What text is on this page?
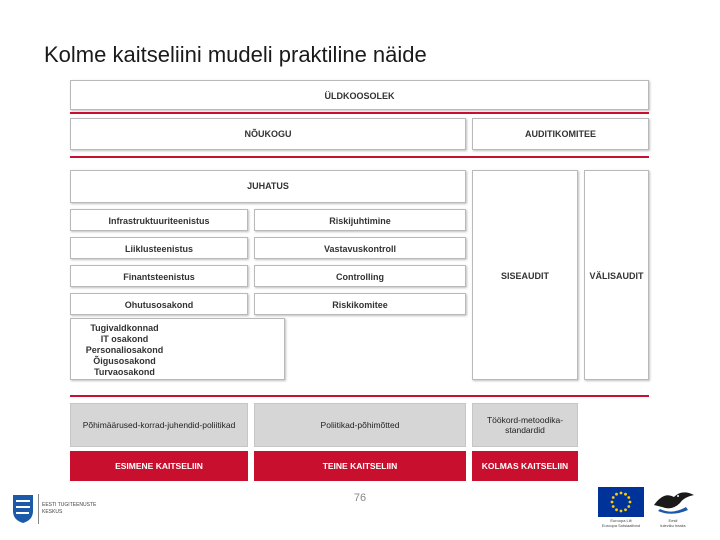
Kolme kaitseliini mudeli praktiline näide
ÜLDKOOSOLEK
NÕUKOGU	AUDITIKOMITEE
JUHATUS
Infrastruktuuriteenistus
Liiklusteenistus
Finantsteenistus
Ohutusosakond
Riskijuhtimine
Vastavuskontroll
Controlling
Riskikomitee
Tugivaldkonnad
IT osakond
Personaliosakond
Õigusosakond
Turvaosakond
SISEAUDIT	VÄLISAUDIT
Põhimäärused-korrad-juhendid-poliitikad	Poliitikad-põhimõtted	Töökord-metoodika-standardid
ESIMENE KAITSELIIN	TEINE KAITSELIIN	KOLMAS KAITSELIIN
76
EESTI TUGITEENUSTE
KESKUS
Euroopa Liit
Euroopa Sotsiaalfond
Eesti
tuleviku heaks
